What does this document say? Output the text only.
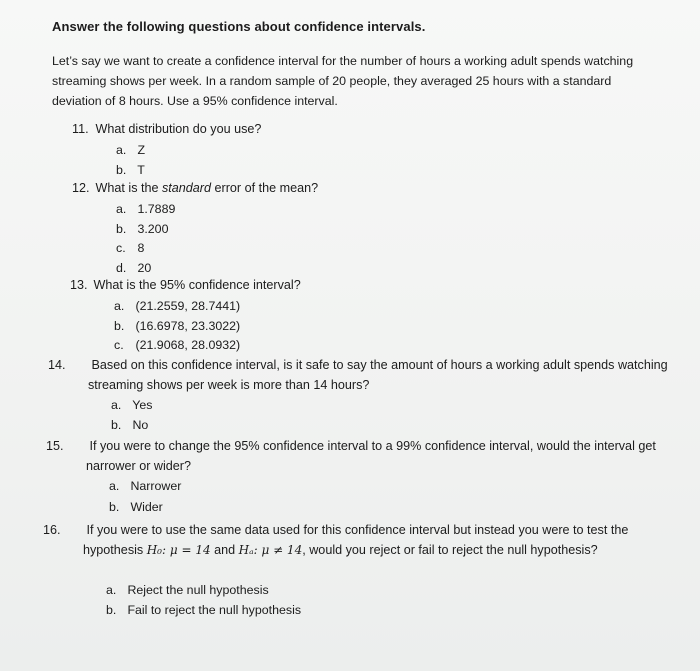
Answer the following questions about confidence intervals.

Let’s say we want to create a confidence interval for the number of hours a working adult spends watching streaming shows per week. In a random sample of 20 people, they averaged 25 hours with a standard deviation of 8 hours. Use a 95% confidence interval.

11. What distribution do you use?

a. Z

b. T

12. What is the standard error of the mean?

a. 1.7889

b. 3.200

c. 8

d. 20

13. What is the 95% confidence interval?

a. (21.2559, 28.7441)

b. (16.6978, 23.3022)

c. (21.9068, 28.0932)

14. Based on this confidence interval, is it safe to say the amount of hours a working adult spends watching streaming shows per week is more than 14 hours?

a. Yes

b. No

15. If you were to change the 95% confidence interval to a 99% confidence interval, would the interval get narrower or wider?

a. Narrower

b. Wider

16. If you were to use the same data used for this confidence interval but instead you were to test the hypothesis H₀: μ = 14 and Hₐ: μ ≠ 14, would you reject or fail to reject the null hypothesis?

a. Reject the null hypothesis

b. Fail to reject the null hypothesis
